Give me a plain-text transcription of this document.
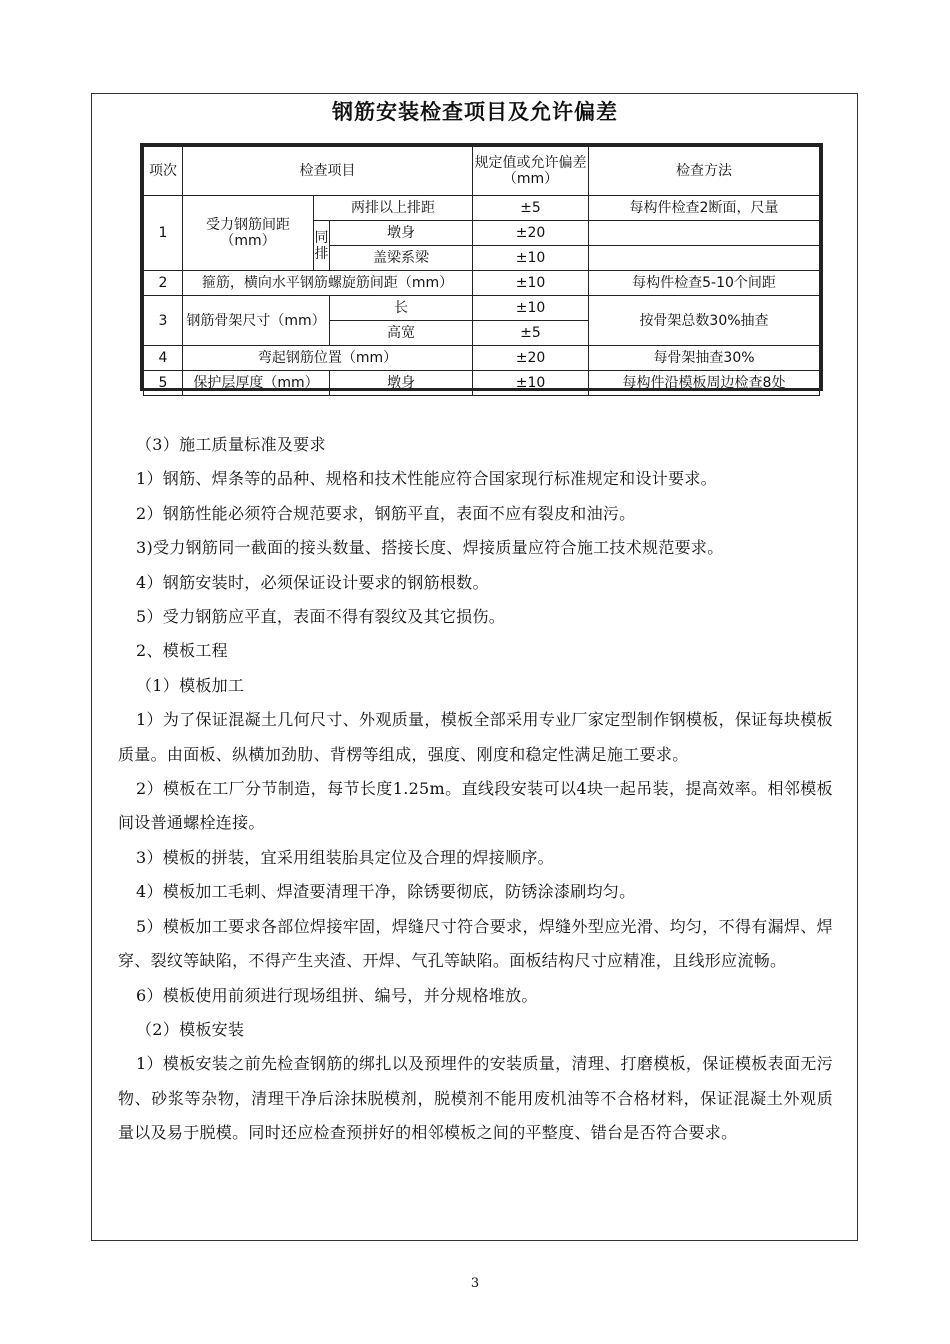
钢筋安装检查项目及允许偏差
项次	检查项目			规定值或允许偏差 （mm）	检查方法
1	受力钢筋间距（mm）	两排以上排距		±5	每构件检查2断面，尺量
		同排	墩身	±20	
			盖梁系梁	±10	
2	箍筋，横向水平钢筋螺旋筋间距（mm）			±10	每构件检查5-10个间距
3	钢筋骨架尺寸（mm）		长	±10	按骨架总数30%抽查
			高宽	±5	
4	弯起钢筋位置（mm）			±20	每骨架抽查30%
5	保护层厚度（mm）		墩身	±10	每构件沿模板周边检查8处

（3）施工质量标准及要求

1）钢筋、焊条等的品种、规格和技术性能应符合国家现行标准规定和设计要求。

2）钢筋性能必须符合规范要求，钢筋平直，表面不应有裂皮和油污。

3)受力钢筋同一截面的接头数量、搭接长度、焊接质量应符合施工技术规范要求。

4）钢筋安装时，必须保证设计要求的钢筋根数。

5）受力钢筋应平直，表面不得有裂纹及其它损伤。

2、模板工程

（1）模板加工

1）为了保证混凝土几何尺寸、外观质量，模板全部采用专业厂家定型制作钢模板，保证每块模板质量。由面板、纵横加劲肋、背楞等组成，强度、刚度和稳定性满足施工要求。

2）模板在工厂分节制造，每节长度1.25m。直线段安装可以4块一起吊装，提高效率。相邻模板间设普通螺栓连接。

3）模板的拼装，宜采用组装胎具定位及合理的焊接顺序。

4）模板加工毛刺、焊渣要清理干净，除锈要彻底，防锈涂漆刷均匀。

5）模板加工要求各部位焊接牢固，焊缝尺寸符合要求，焊缝外型应光滑、均匀，不得有漏焊、焊穿、裂纹等缺陷，不得产生夹渣、开焊、气孔等缺陷。面板结构尺寸应精准，且线形应流畅。

6）模板使用前须进行现场组拼、编号，并分规格堆放。

（2）模板安装

1）模板安装之前先检查钢筋的绑扎以及预埋件的安装质量，清理、打磨模板，保证模板表面无污物、砂浆等杂物，清理干净后涂抹脱模剂，脱模剂不能用废机油等不合格材料，保证混凝土外观质量以及易于脱模。同时还应检查预拼好的相邻模板之间的平整度、错台是否符合要求。

3
